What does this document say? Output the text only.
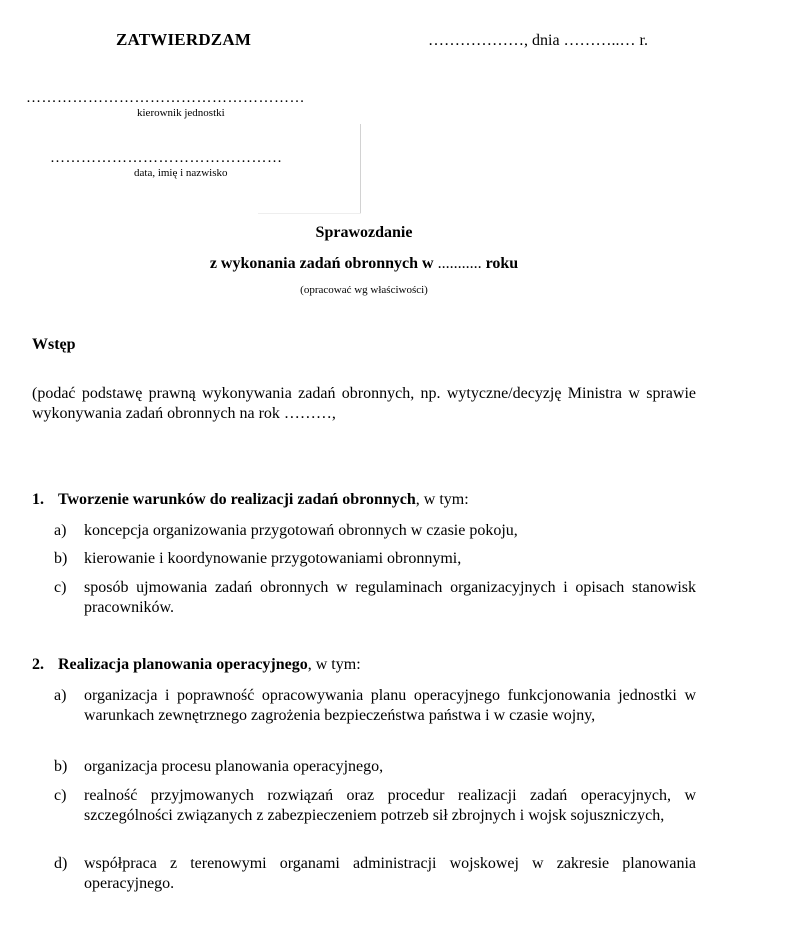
ZATWIERDZAM	………………, dnia ………..… r.
………………………………………………
kierownik jednostki
………………………………………
data, imię i nazwisko
Sprawozdanie
z wykonania zadań obronnych w ........... roku
(opracować wg właściwości)
Wstęp
(podać podstawę prawną wykonywania zadań obronnych, np. wytyczne/decyzję Ministra w sprawie wykonywania zadań obronnych na rok ………,
1. Tworzenie warunków do realizacji zadań obronnych, w tym:
a) koncepcja organizowania przygotowań obronnych w czasie pokoju,
b) kierowanie i koordynowanie przygotowaniami obronnymi,
c) sposób ujmowania zadań obronnych w regulaminach organizacyjnych i opisach stanowisk pracowników.
2. Realizacja planowania operacyjnego, w tym:
a) organizacja i poprawność opracowywania planu operacyjnego funkcjonowania jednostki w warunkach zewnętrznego zagrożenia bezpieczeństwa państwa i w czasie wojny,
b) organizacja procesu planowania operacyjnego,
c) realność przyjmowanych rozwiązań oraz procedur realizacji zadań operacyjnych, w szczególności związanych z zabezpieczeniem potrzeb sił zbrojnych i wojsk sojuszniczych,
d) współpraca z terenowymi organami administracji wojskowej w zakresie planowania operacyjnego.
